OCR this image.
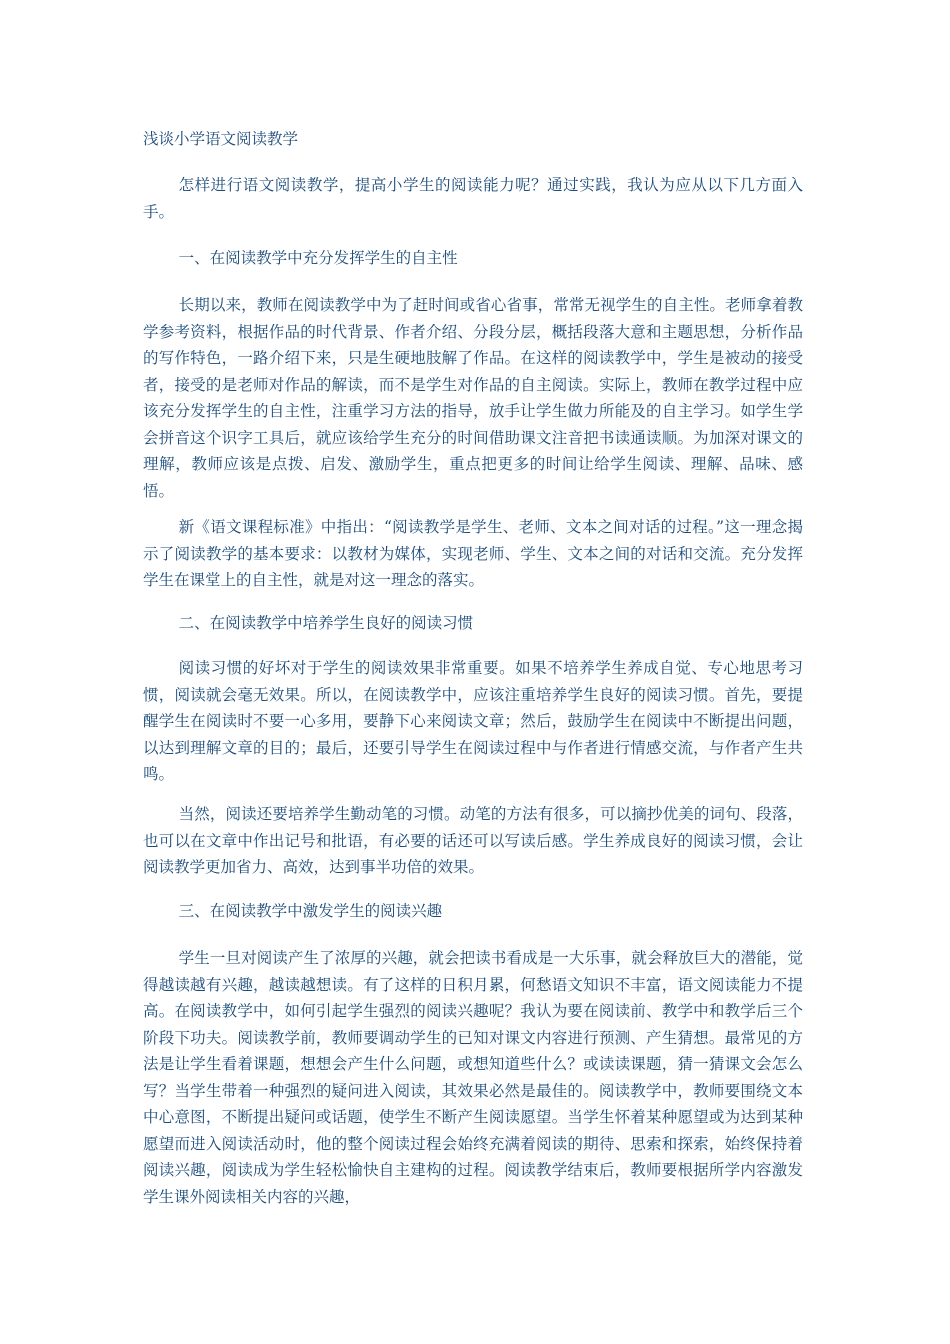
浅谈小学语文阅读教学

怎样进行语文阅读教学，提高小学生的阅读能力呢？通过实践，我认为应从以下几方面入手。

一、在阅读教学中充分发挥学生的自主性

长期以来，教师在阅读教学中为了赶时间或省心省事，常常无视学生的自主性。老师拿着教学参考资料，根据作品的时代背景、作者介绍、分段分层，概括段落大意和主题思想，分析作品的写作特色，一路介绍下来，只是生硬地肢解了作品。在这样的阅读教学中，学生是被动的接受者，接受的是老师对作品的解读，而不是学生对作品的自主阅读。实际上，教师在教学过程中应该充分发挥学生的自主性，注重学习方法的指导，放手让学生做力所能及的自主学习。如学生学会拼音这个识字工具后，就应该给学生充分的时间借助课文注音把书读通读顺。为加深对课文的理解，教师应该是点拨、启发、激励学生，重点把更多的时间让给学生阅读、理解、品味、感悟。

新《语文课程标准》中指出：“阅读教学是学生、老师、文本之间对话的过程。”这一理念揭示了阅读教学的基本要求：以教材为媒体，实现老师、学生、文本之间的对话和交流。充分发挥学生在课堂上的自主性，就是对这一理念的落实。

二、在阅读教学中培养学生良好的阅读习惯

阅读习惯的好坏对于学生的阅读效果非常重要。如果不培养学生养成自觉、专心地思考习惯，阅读就会毫无效果。所以，在阅读教学中，应该注重培养学生良好的阅读习惯。首先，要提醒学生在阅读时不要一心多用，要静下心来阅读文章；然后，鼓励学生在阅读中不断提出问题，以达到理解文章的目的；最后，还要引导学生在阅读过程中与作者进行情感交流，与作者产生共鸣。

当然，阅读还要培养学生勤动笔的习惯。动笔的方法有很多，可以摘抄优美的词句、段落，也可以在文章中作出记号和批语，有必要的话还可以写读后感。学生养成良好的阅读习惯，会让阅读教学更加省力、高效，达到事半功倍的效果。

三、在阅读教学中激发学生的阅读兴趣

学生一旦对阅读产生了浓厚的兴趣，就会把读书看成是一大乐事，就会释放巨大的潜能，觉得越读越有兴趣，越读越想读。有了这样的日积月累，何愁语文知识不丰富，语文阅读能力不提高。在阅读教学中，如何引起学生强烈的阅读兴趣呢？我认为要在阅读前、教学中和教学后三个阶段下功夫。阅读教学前，教师要调动学生的已知对课文内容进行预测、产生猜想。最常见的方法是让学生看着课题，想想会产生什么问题，或想知道些什么？或读读课题，猜一猜课文会怎么写？当学生带着一种强烈的疑问进入阅读，其效果必然是最佳的。阅读教学中，教师要围绕文本中心意图，不断提出疑问或话题，使学生不断产生阅读愿望。当学生怀着某种愿望或为达到某种愿望而进入阅读活动时，他的整个阅读过程会始终充满着阅读的期待、思索和探索，始终保持着阅读兴趣，阅读成为学生轻松愉快自主建构的过程。阅读教学结束后，教师要根据所学内容激发学生课外阅读相关内容的兴趣，
